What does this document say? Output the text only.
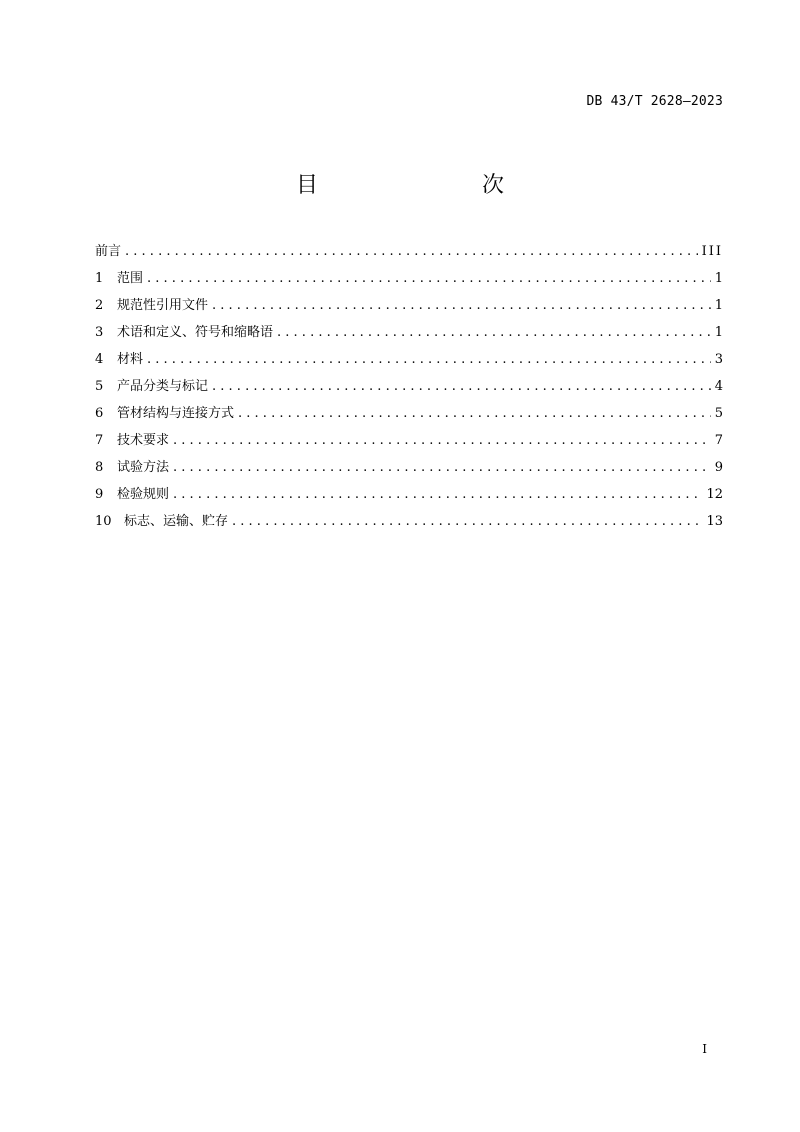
DB 43/T 2628—2023
目　　次
前言 . . .	III
1	范围 . . .	1
2	规范性引用文件 . . .	1
3	术语和定义、符号和缩略语 . . .	1
4	材料 . . .	3
5	产品分类与标记 . . .	4
6	管材结构与连接方式 . . .	5
7	技术要求 . . .	7
8	试验方法 . . .	9
9	检验规则 . . .	12
10 标志、运输、贮存 . . .	13
I
